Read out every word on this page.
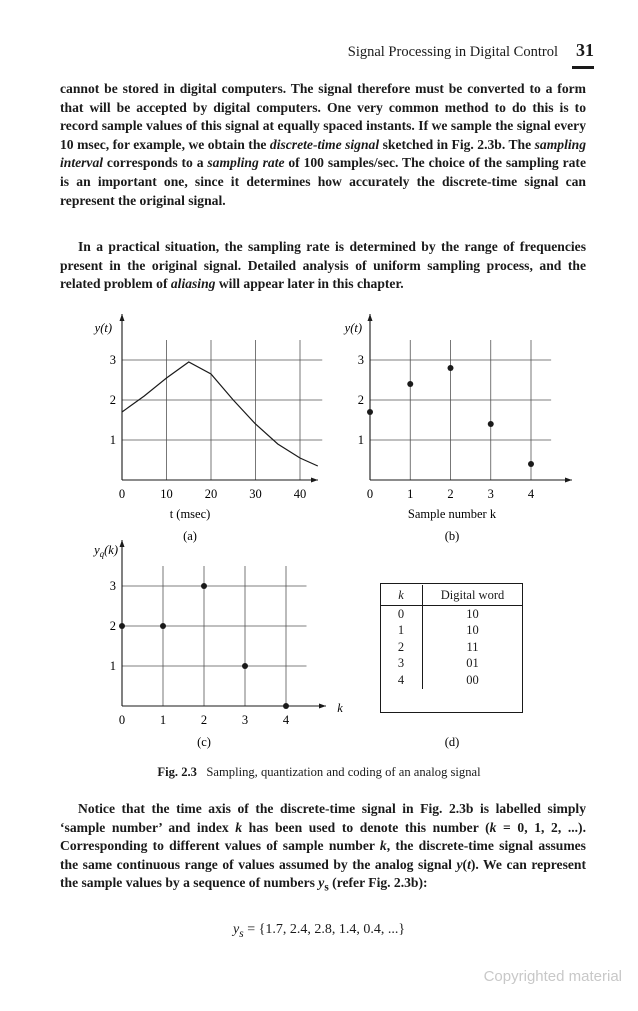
Signal Processing in Digital Control 31
cannot be stored in digital computers. The signal therefore must be converted to a form that will be accepted by digital computers. One very common method to do this is to record sample values of this signal at equally spaced instants. If we sample the signal every 10 msec, for example, we obtain the discrete-time signal sketched in Fig. 2.3b. The sampling interval corresponds to a sampling rate of 100 samples/sec. The choice of the sampling rate is an important one, since it determines how accurately the discrete-time signal can represent the original signal.
In a practical situation, the sampling rate is determined by the range of frequencies present in the original signal. Detailed analysis of uniform sampling process, and the related problem of aliasing will appear later in this chapter.
1
2
3
0	10	20	30	40
y(t)
t (msec)
(a)
1
2
3
0	1	2	3	4
y(t)
Sample number k
(b)
1
2
3
0	1	2	3	4
$y_q(k)$
k
(c)	(d)
k	Digital word
0	10
1	10
2	11
3	01
4	00
Fig. 2.3 Sampling, quantization and coding of an analog signal
Notice that the time axis of the discrete-time signal in Fig. 2.3b is labelled simply ‘sample number’ and index k has been used to denote this number (k = 0, 1, 2, ...). Corresponding to different values of sample number k, the discrete-time signal assumes the same continuous range of values assumed by the analog signal y(t). We can represent the sample values by a sequence of numbers $y_s$ (refer Fig. 2.3b):
$y_s = \{1.7$, 2.4, 2.8, 1.4, 0.4, ...}
Copyrighted material
